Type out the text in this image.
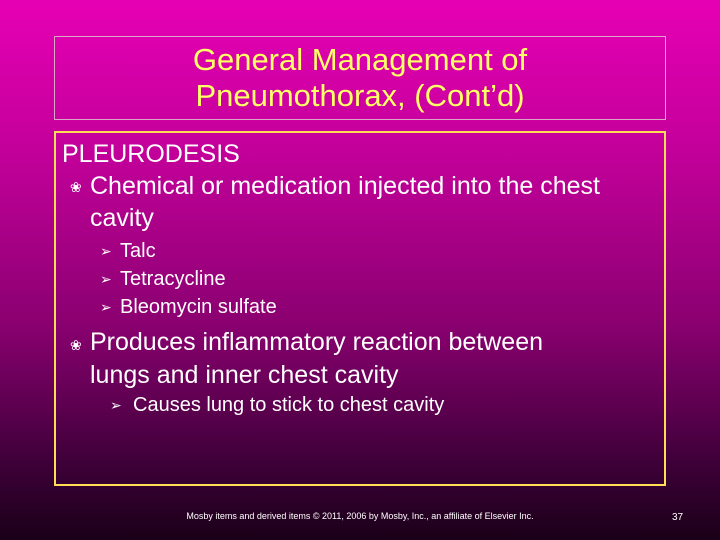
General Management of
Pneumothorax, (Cont’d)
PLEURODESIS
❀ Chemical or medication injected into the chest
cavity
➢ Talc
➢ Tetracycline
➢ Bleomycin sulfate
❀ Produces inflammatory reaction between
lungs and inner chest cavity
➢ Causes lung to stick to chest cavity
Mosby items and derived items © 2011, 2006 by Mosby, Inc., an affiliate of Elsevier Inc.	37
